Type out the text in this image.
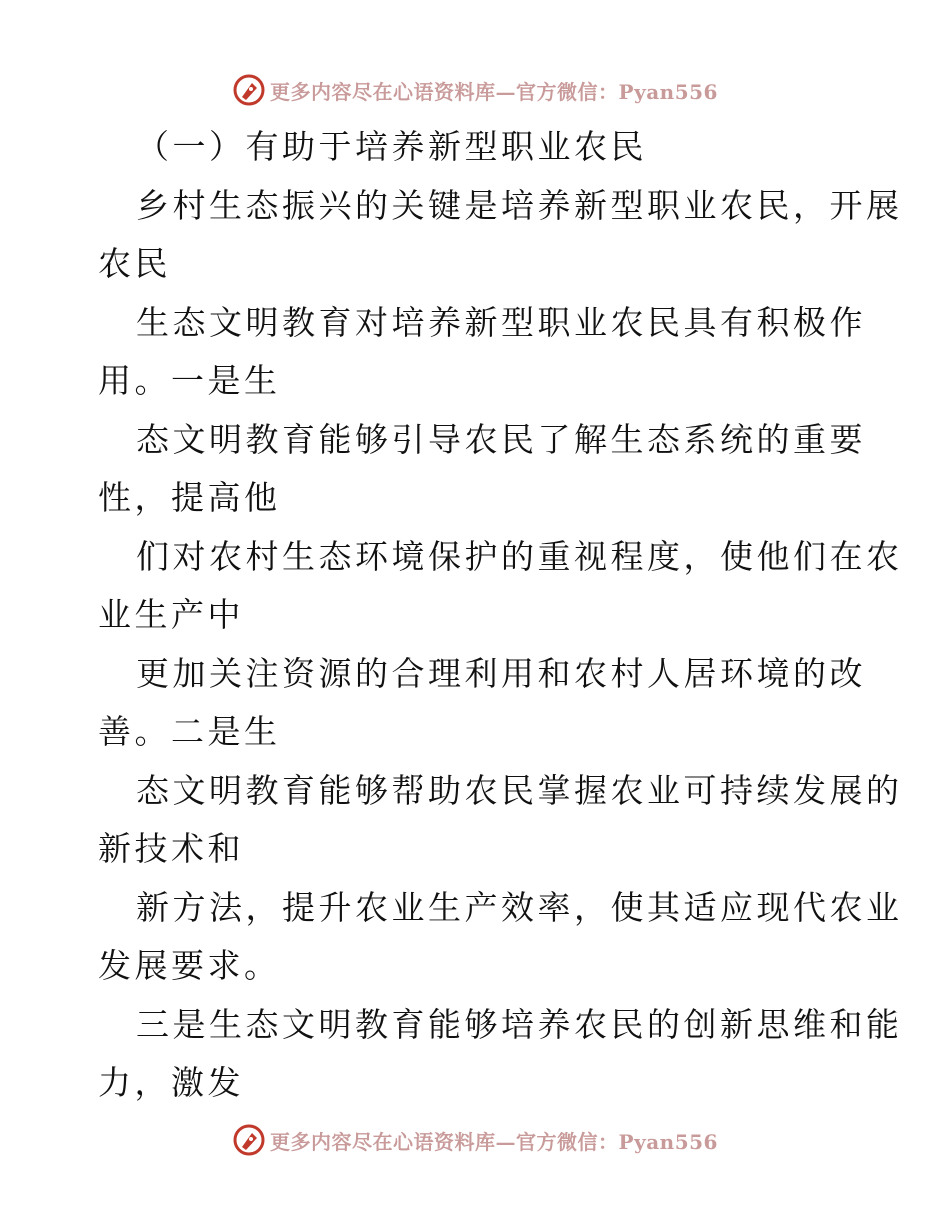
更多内容尽在心语资料库—官方微信：Pyan556
（一）有助于培养新型职业农民
乡村生态振兴的关键是培养新型职业农民，开展
农民
生态文明教育对培养新型职业农民具有积极作
用。一是生
态文明教育能够引导农民了解生态系统的重要
性，提高他
们对农村生态环境保护的重视程度，使他们在农
业生产中
更加关注资源的合理利用和农村人居环境的改
善。二是生
态文明教育能够帮助农民掌握农业可持续发展的
新技术和
新方法，提升农业生产效率，使其适应现代农业
发展要求。
三是生态文明教育能够培养农民的创新思维和能
力，激发
更多内容尽在心语资料库—官方微信：Pyan556
